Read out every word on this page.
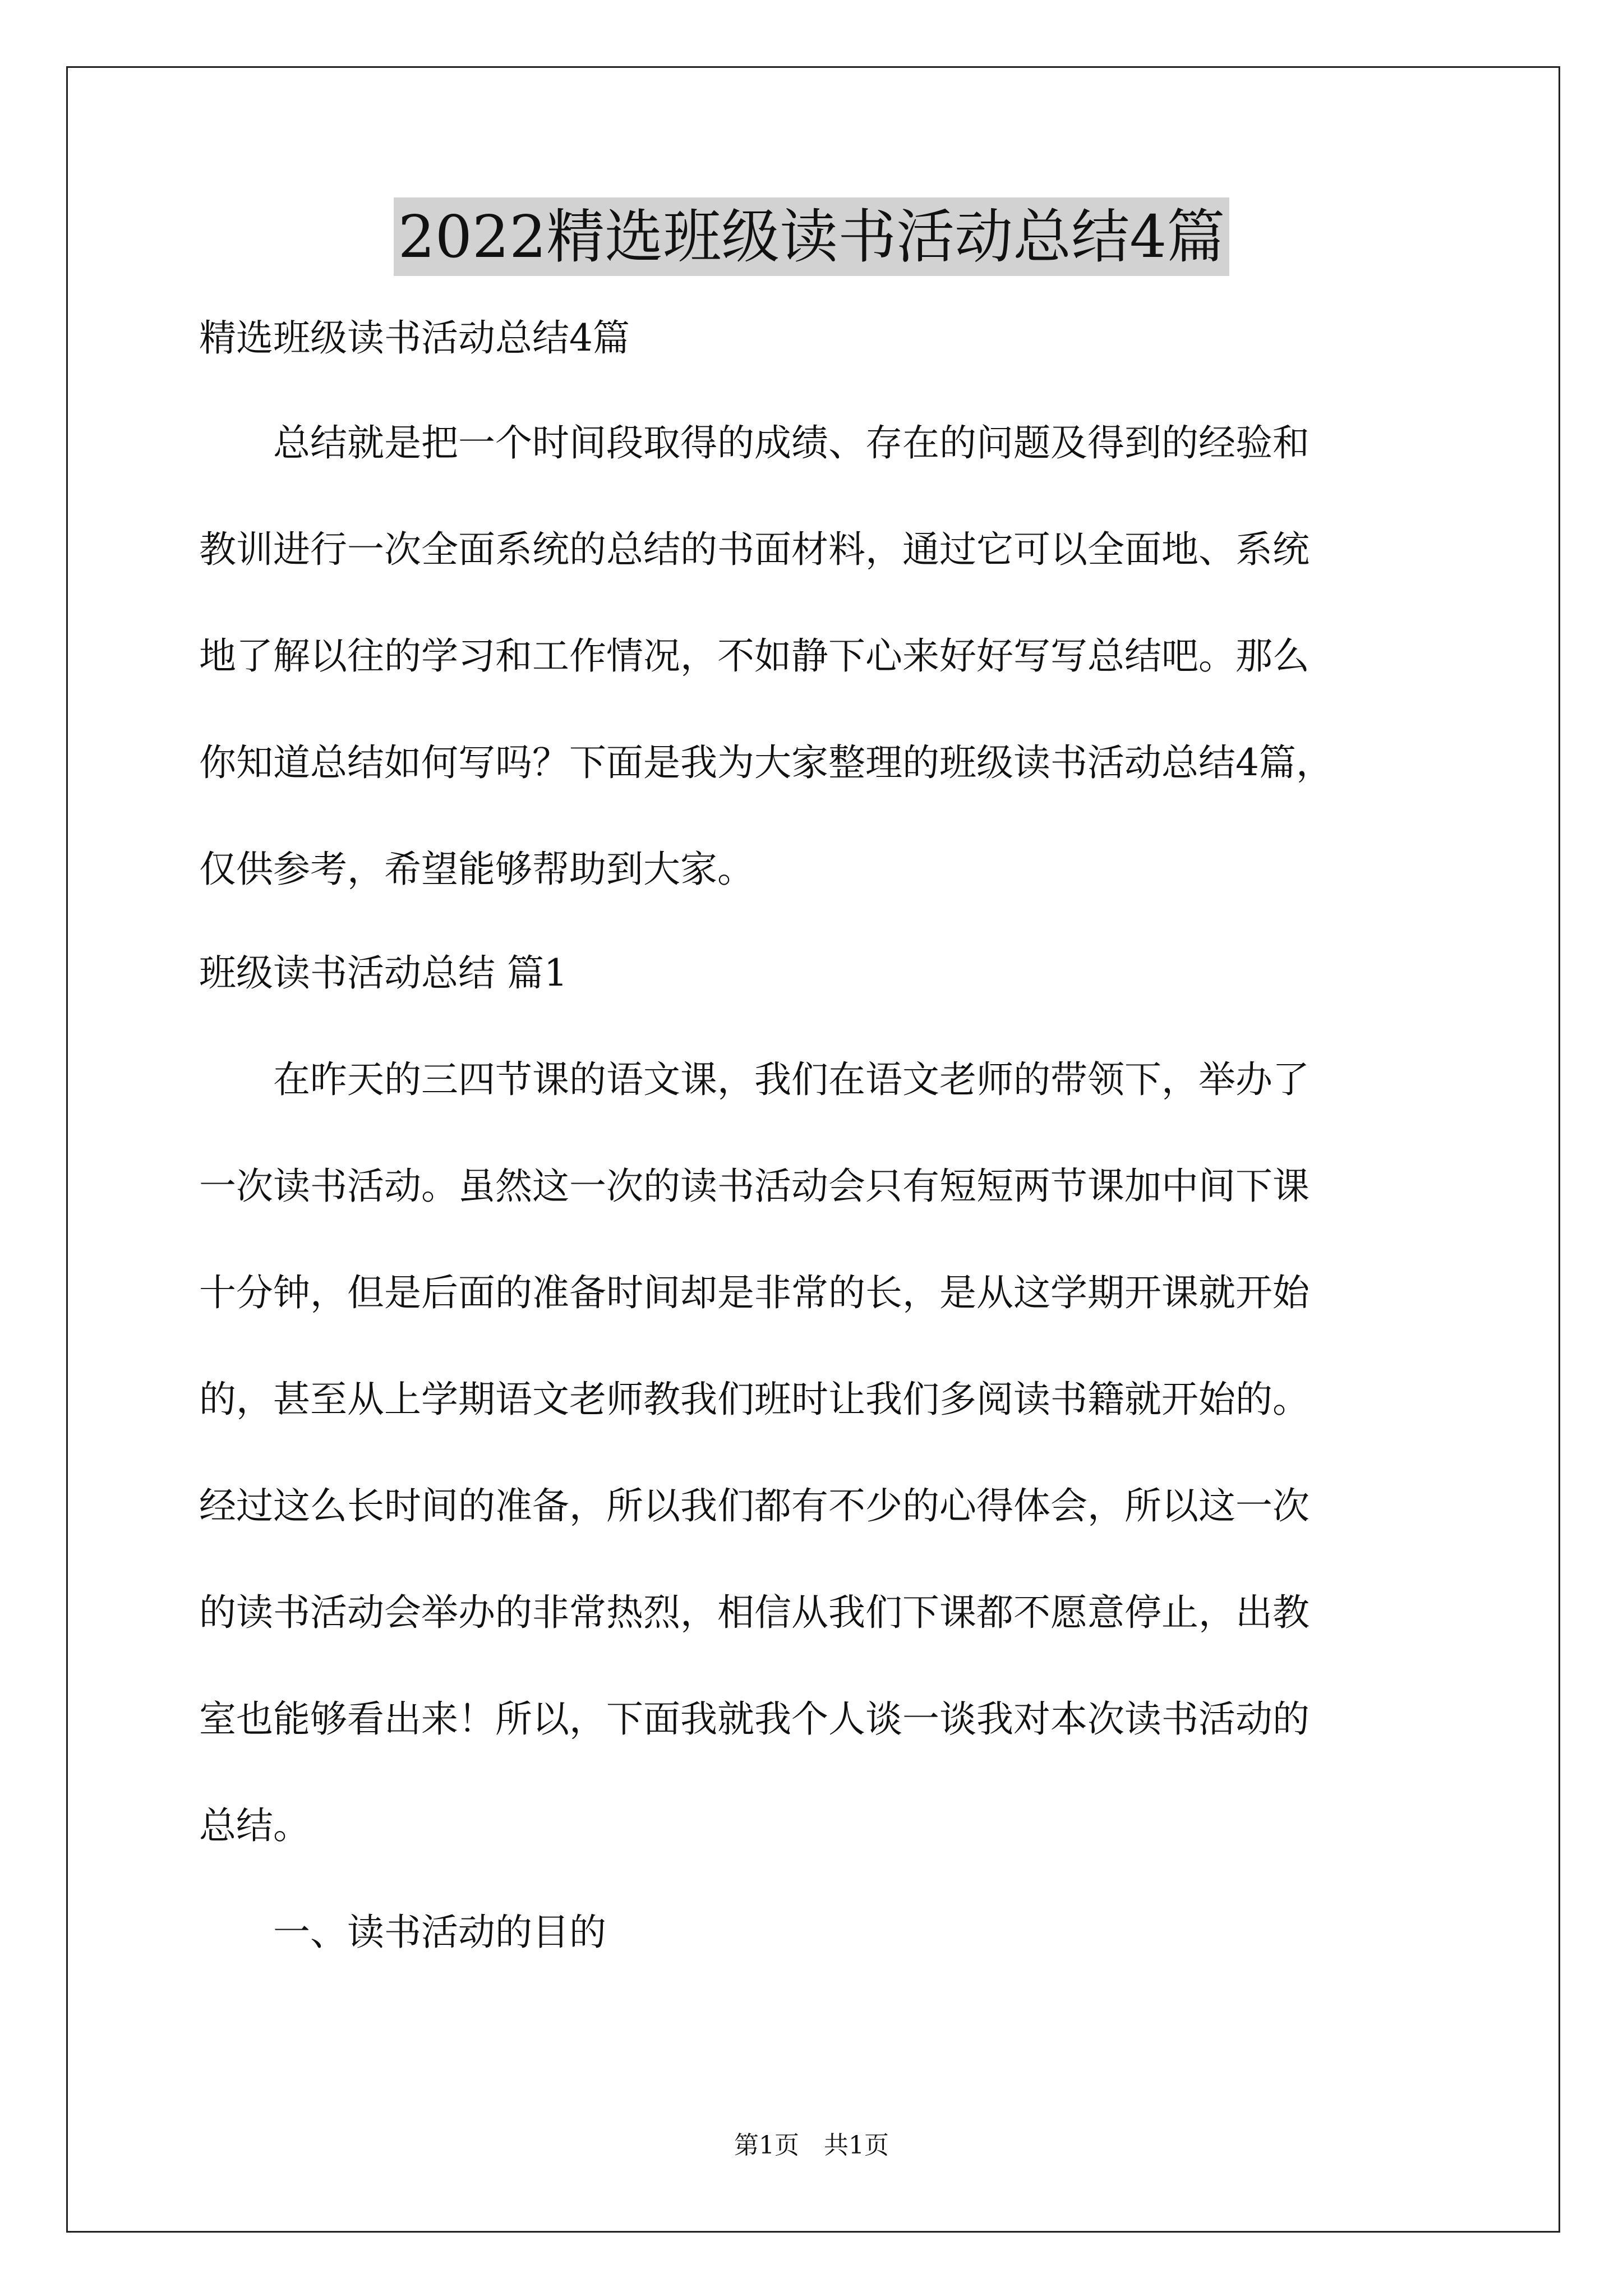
2022精选班级读书活动总结4篇
精选班级读书活动总结4篇
　　总结就是把一个时间段取得的成绩、存在的问题及得到的经验和
教训进行一次全面系统的总结的书面材料，通过它可以全面地、系统
地了解以往的学习和工作情况，不如静下心来好好写写总结吧。那么
你知道总结如何写吗？下面是我为大家整理的班级读书活动总结4篇，
仅供参考，希望能够帮助到大家。
班级读书活动总结 篇1
　　在昨天的三四节课的语文课，我们在语文老师的带领下，举办了
一次读书活动。虽然这一次的读书活动会只有短短两节课加中间下课
十分钟，但是后面的准备时间却是非常的长，是从这学期开课就开始
的，甚至从上学期语文老师教我们班时让我们多阅读书籍就开始的。
经过这么长时间的准备，所以我们都有不少的心得体会，所以这一次
的读书活动会举办的非常热烈，相信从我们下课都不愿意停止，出教
室也能够看出来！所以，下面我就我个人谈一谈我对本次读书活动的
总结。
　　一、读书活动的目的
第1页　共1页
